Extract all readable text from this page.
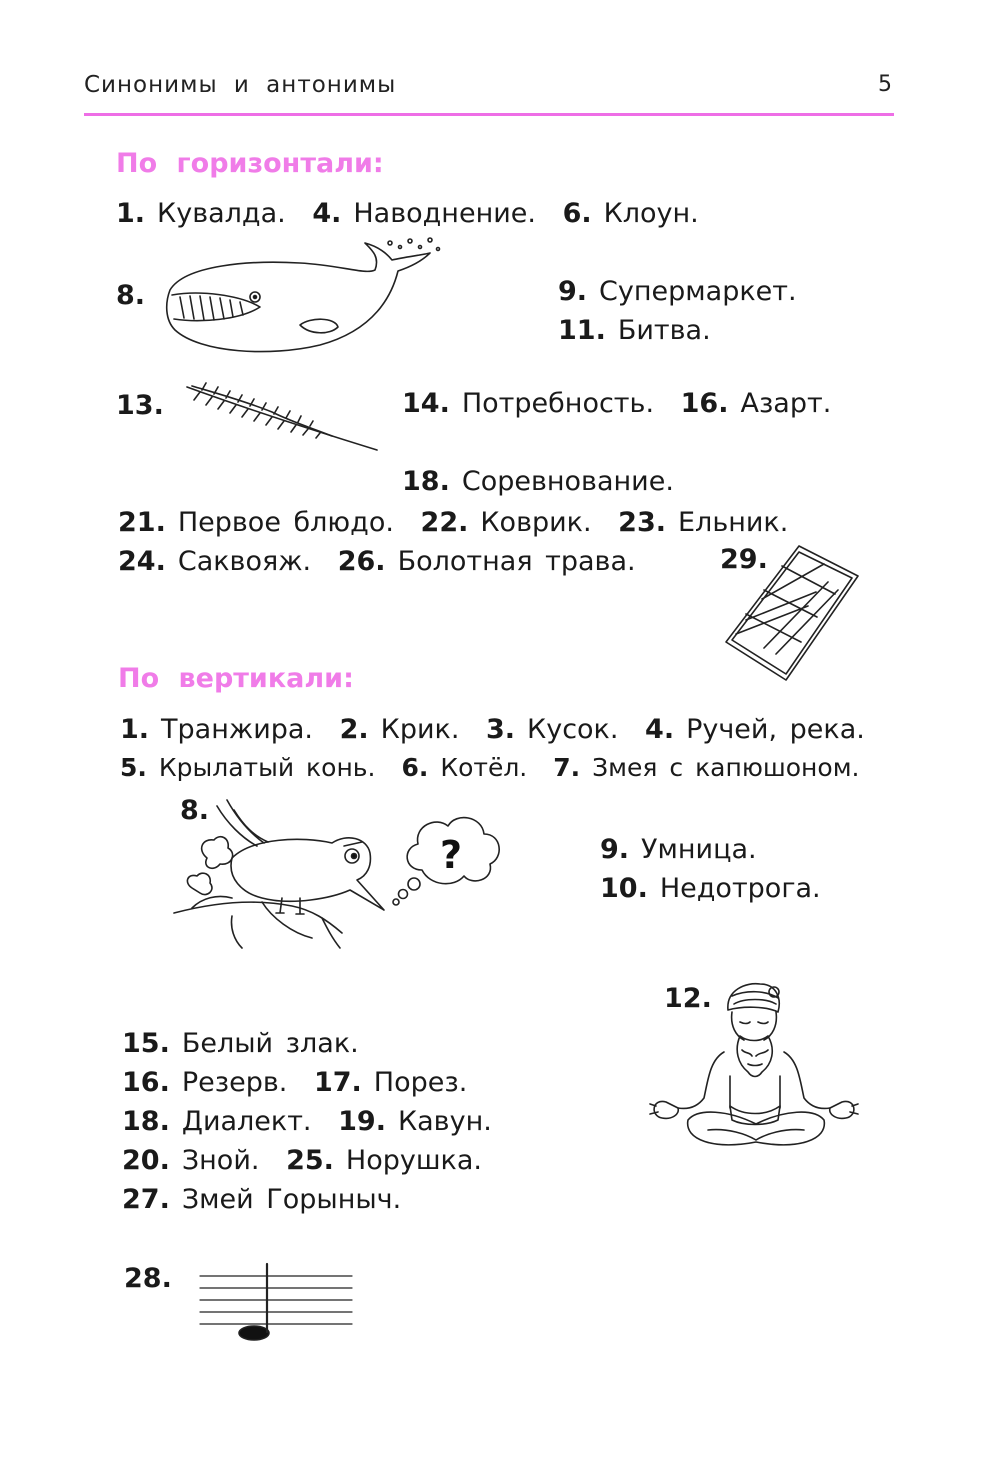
Синонимы и антонимы	5
По горизонтали:
1. Кувалда. 4. Наводнение. 6. Клоун.
8.	9. Супермаркет.
11. Битва.
13.	14. Потребность. 16. Азарт.
18. Соревнование.
21. Первое блюдо. 22. Коврик. 23. Ельник.
24. Саквояж. 26. Болотная трава.	29.
По вертикали:
1. Транжира. 2. Крик. 3. Кусок. 4. Ручей, река.
5. Крылатый конь. 6. Котёл. 7. Змея с капюшоном.
8.
?	9. Умница.
10. Недотрога.
12.
15. Белый злак.
16. Резерв. 17. Порез.
18. Диалект. 19. Кавун.
20. Зной. 25. Норушка.
27. Змей Горыныч.
28.
